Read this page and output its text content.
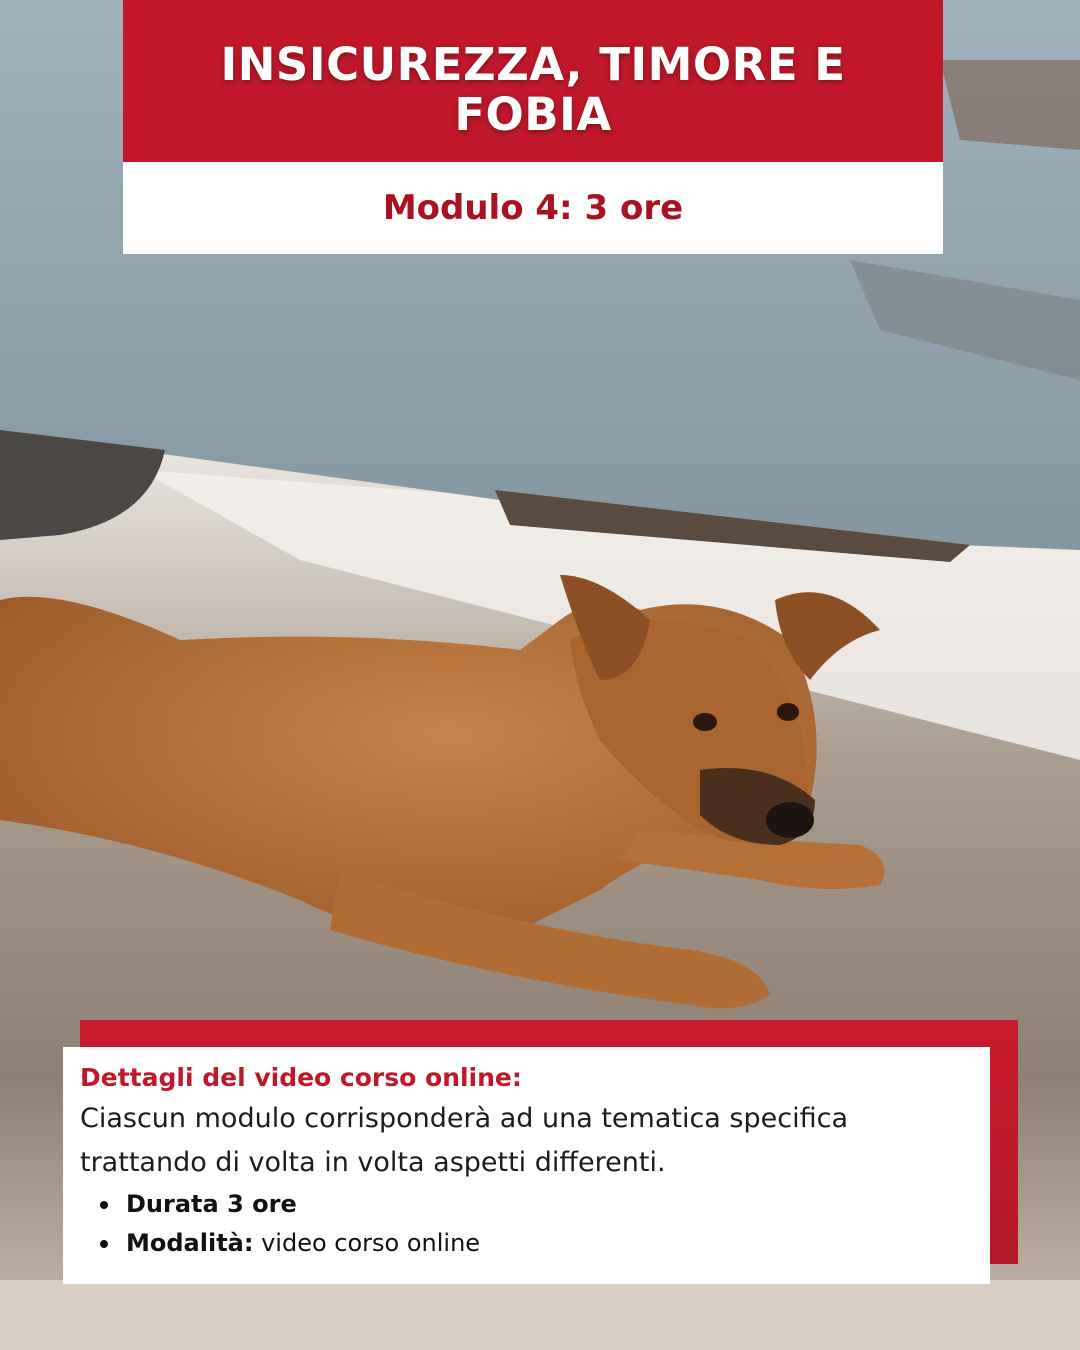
INSICUREZZA, TIMORE E FOBIA
Modulo 4: 3 ore
Dettagli del video corso online:
Ciascun modulo corrisponderà ad una tematica specifica trattando di volta in volta aspetti differenti.
Durata 3 ore
Modalità: video corso online
